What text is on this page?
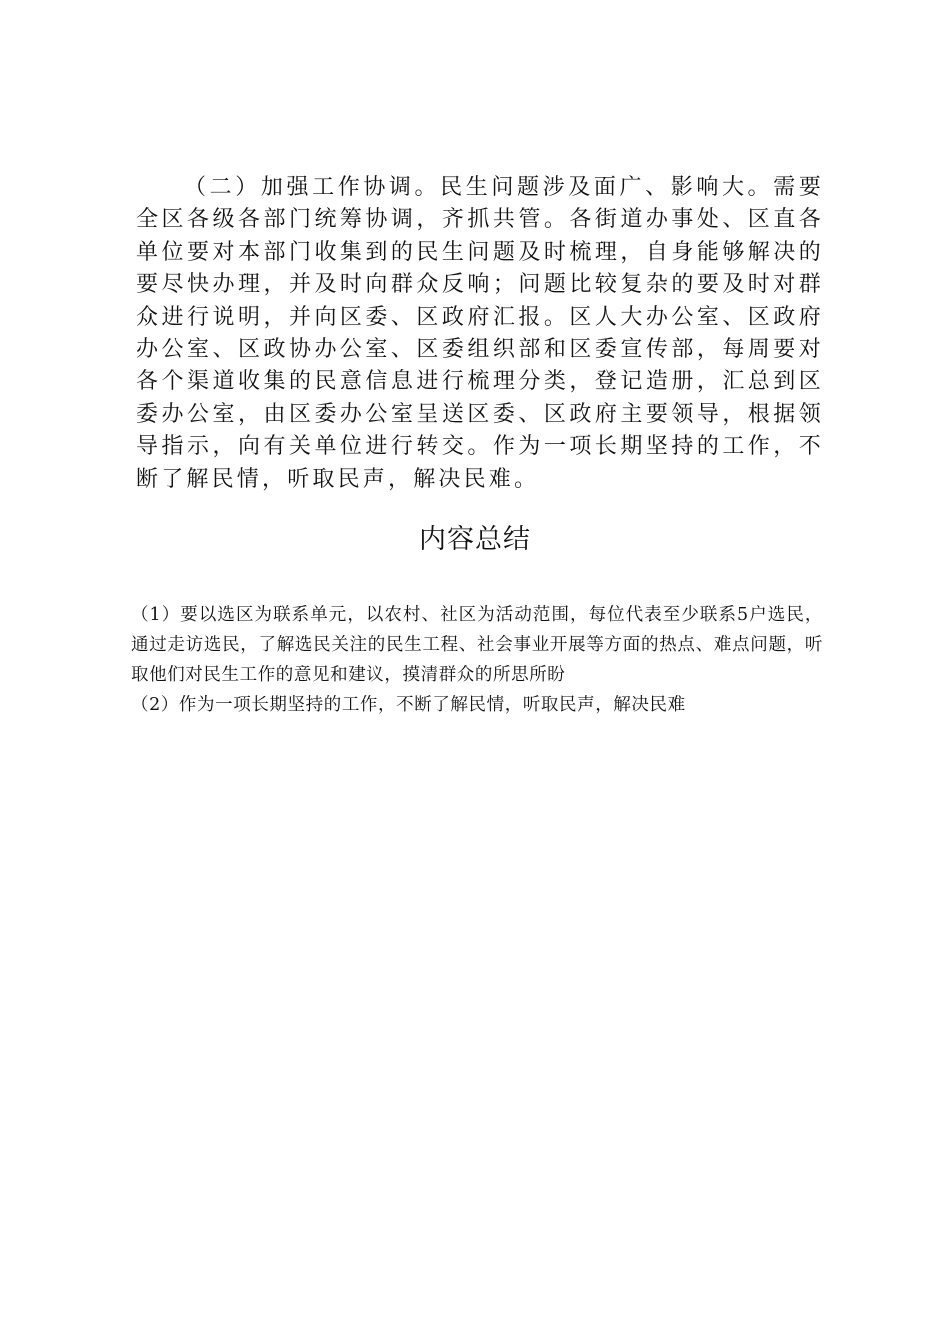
（二）加强工作协调。民生问题涉及面广、影响大。需要全区各级各部门统筹协调，齐抓共管。各街道办事处、区直各单位要对本部门收集到的民生问题及时梳理，自身能够解决的要尽快办理，并及时向群众反响；问题比较复杂的要及时对群众进行说明，并向区委、区政府汇报。区人大办公室、区政府办公室、区政协办公室、区委组织部和区委宣传部，每周要对各个渠道收集的民意信息进行梳理分类，登记造册，汇总到区委办公室，由区委办公室呈送区委、区政府主要领导，根据领导指示，向有关单位进行转交。作为一项长期坚持的工作，不断了解民情，听取民声，解决民难。

内容总结

（1）要以选区为联系单元，以农村、社区为活动范围，每位代表至少联系5户选民，通过走访选民，了解选民关注的民生工程、社会事业开展等方面的热点、难点问题，听取他们对民生工作的意见和建议，摸清群众的所思所盼

（2）作为一项长期坚持的工作，不断了解民情，听取民声，解决民难
